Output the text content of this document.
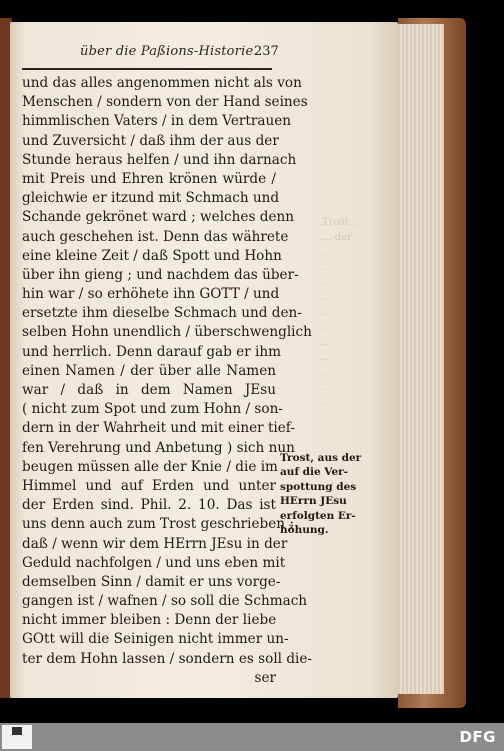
Trost, ...
... der
...
...
...
...
...
...
...
...
...
...
...
über die Paßions-Historie.
237
und das alles angenommen nicht als von
Menschen / sondern von der Hand seines
himmlischen Vaters / in dem Vertrauen
und Zuversicht / daß ihm der aus der
Stunde heraus helfen / und ihn darnach
mit Preis und Ehren krönen würde /
gleichwie er itzund mit Schmach und
Schande gekrönet ward ; welches denn
auch geschehen ist. Denn das währete
eine kleine Zeit / daß Spott und Hohn
über ihn gieng ; und nachdem das über-
hin war / so erhöhete ihn GOTT / und
ersetzte ihm dieselbe Schmach und den-
selben Hohn unendlich / überschwenglich
und herrlich. Denn darauf gab er ihm
einen Namen / der über alle Namen
war / daß in dem Namen JEsu
( nicht zum Spot und zum Hohn / son-
dern in der Wahrheit und mit einer tief-
fen Verehrung und Anbetung ) sich nun
beugen müssen alle der Knie / die im
Himmel und auf Erden und unter
der Erden sind. Phil. 2. 10. Das ist
uns denn auch zum Trost geschrieben ;
daß / wenn wir dem HErrn JEsu in der
Geduld nachfolgen / und uns eben mit
demselben Sinn / damit er uns vorge-
gangen ist / wafnen / so soll die Schmach
nicht immer bleiben : Denn der liebe
GOtt will die Seinigen nicht immer un-
ter dem Hohn lassen / sondern es soll die-
ser
Trost, aus der
auf die Ver-
spottung des
HErrn JEsu
erfolgten Er-
höhung.
DFG
